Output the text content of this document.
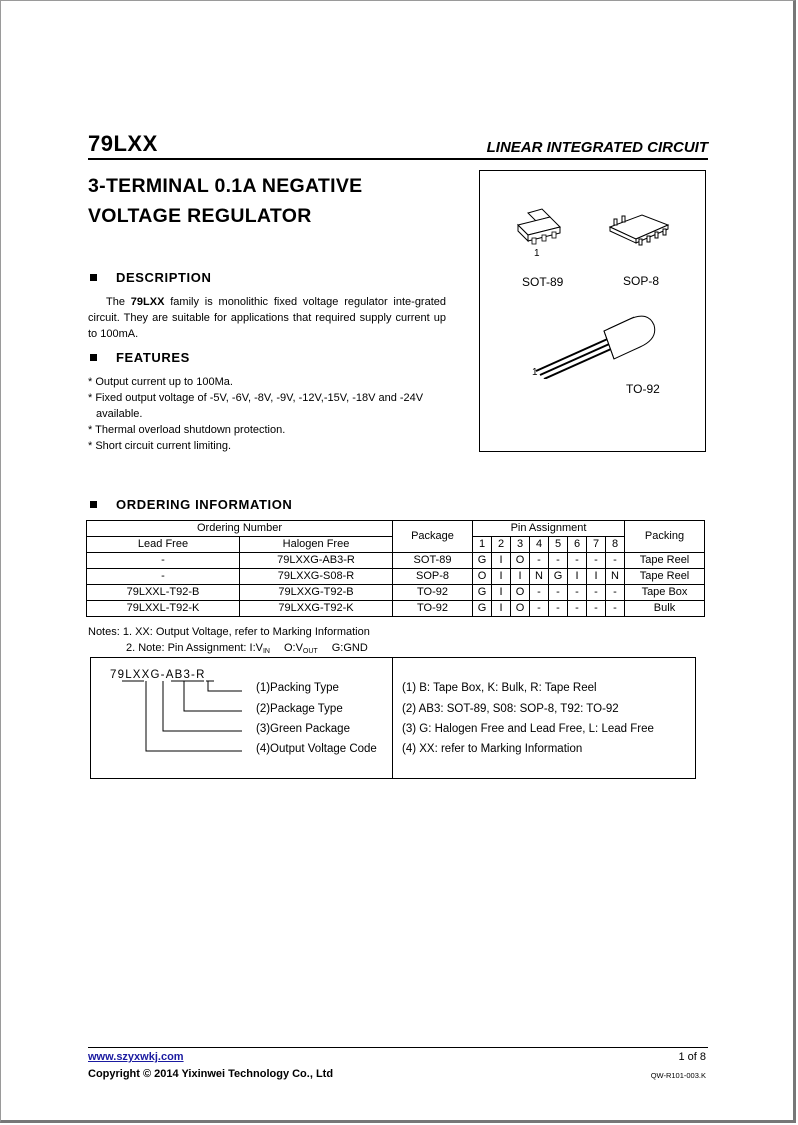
79LXX	LINEAR INTEGRATED CIRCUIT
3-TERMINAL 0.1A NEGATIVE
VOLTAGE REGULATOR
1
SOT-89	SOP-8
1
TO-92
DESCRIPTION
The 79LXX family is monolithic fixed voltage regulator inte-grated circuit. They are suitable for applications that required supply current up to 100mA.
FEATURES
* Output current up to 100Ma.
* Fixed output voltage of -5V, -6V, -8V, -9V, -12V,-15V, -18V and -24V available.
* Thermal overload shutdown protection.
* Short circuit current limiting.
ORDERING INFORMATION
Ordering Number		Package	Pin Assignment								Packing
Lead Free	Halogen Free		1	2	3	4	5	6	7	8	
-	79LXXG-AB3-R	SOT-89	G	I	O	-	-	-	-	-	Tape Reel
-	79LXXG-S08-R	SOP-8	O	I	I	N	G	I	I	N	Tape Reel
79LXXL-T92-B	79LXXG-T92-B	TO-92	G	I	O	-	-	-	-	-	Tape Box
79LXXL-T92-K	79LXXG-T92-K	TO-92	G	I	O	-	-	-	-	-	Bulk
Notes: 1. XX: Output Voltage, refer to Marking Information
2. Note: Pin Assignment: $I:V_{IN}$ $O:V_{OUT}$ G:GND
79LXXG-AB3-R
(1)Packing Type
(2)Package Type
(3)Green Package
(4)Output Voltage Code
(1) B: Tape Box, K: Bulk, R: Tape Reel
(2) AB3: SOT-89, S08: SOP-8, T92: TO-92
(3) G: Halogen Free and Lead Free, L: Lead Free
(4) XX: refer to Marking Information
www.szyxwkj.com	1 of 8
Copyright © 2014 Yixinwei Technology Co., Ltd	QW-R101-003.K
